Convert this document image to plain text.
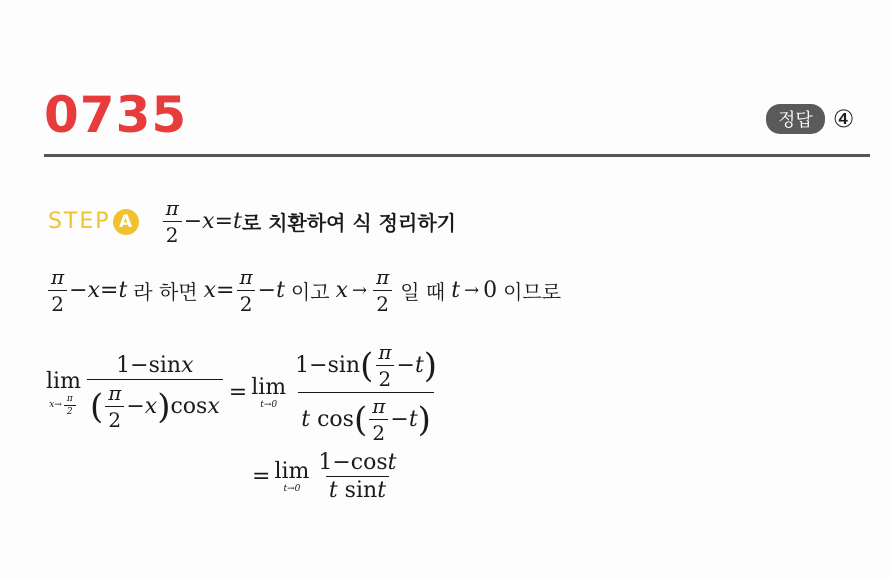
0735	정답 ④
STEP A	$\frac{\pi}{2} - x = t$ 로 치환하여 식 정리하기
$\frac{\pi}{2} - x = t$ 라 하면 $x = \frac{\pi}{2} - t$ 이고 $x \to \frac{\pi}{2}$ 일 때 t → 0 이므로
lim
$x\to \frac{\pi}{2} \frac{1-\sin x}{( \frac{\pi}{2} - x ) \cos x} = \lim$
$t\to 0 \frac{1-\sin ( \frac{\pi}{2} - t )}{t \cos ( \frac{\pi}{2} - t )}$
= lim
$t\to 0 \frac{1-\cos t}{\text{t sint}}$
